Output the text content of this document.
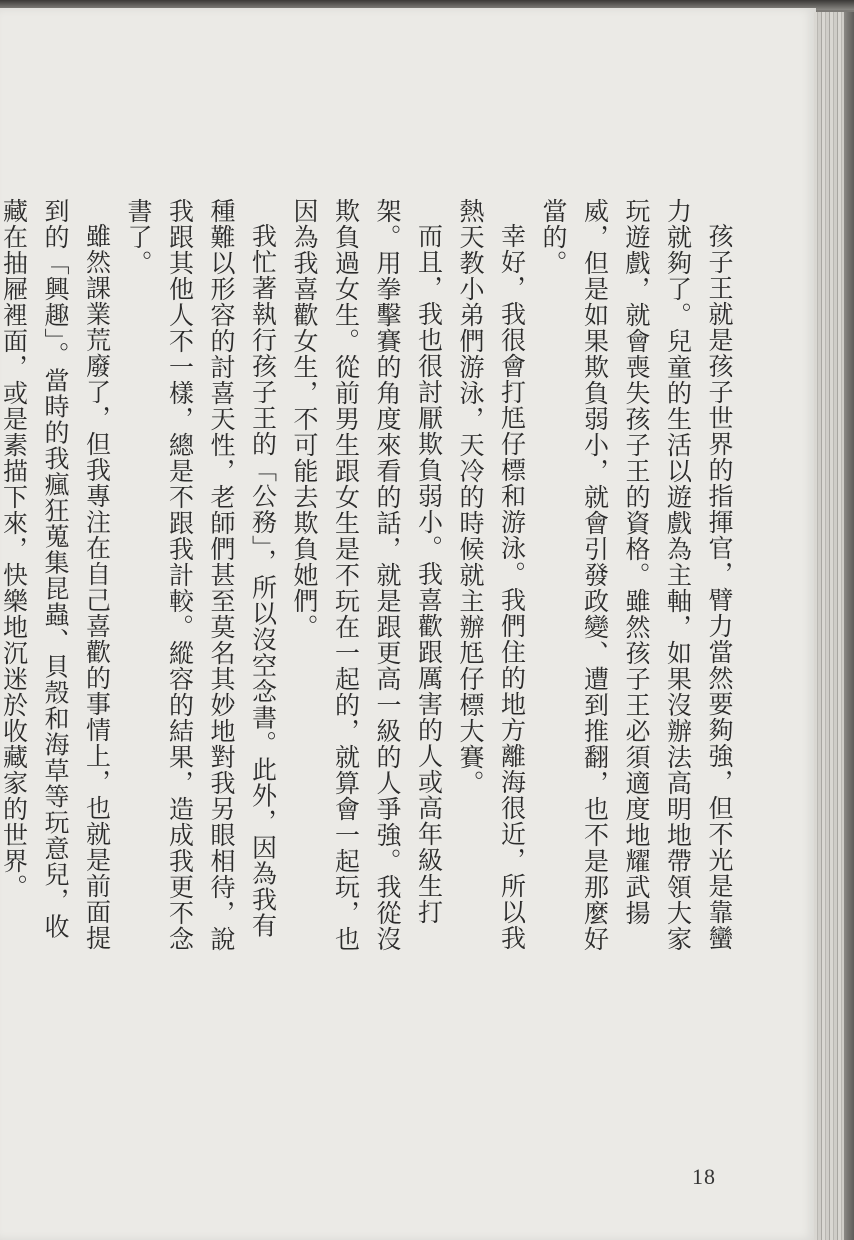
孩子王就是孩子世界的指揮官，臂力當然要夠強，但不光是靠蠻力就夠了。兒童的生活以遊戲為主軸，如果沒辦法高明地帶領大家玩遊戲，就會喪失孩子王的資格。雖然孩子王必須適度地耀武揚威，但是如果欺負弱小，就會引發政變、遭到推翻，也不是那麼好當的。

幸好，我很會打尪仔標和游泳。我們住的地方離海很近，所以我熱天教小弟們游泳，天冷的時候就主辦尪仔標大賽。

而且，我也很討厭欺負弱小。我喜歡跟厲害的人或高年級生打架。用拳擊賽的角度來看的話，就是跟更高一級的人爭強。我從沒欺負過女生。從前男生跟女生是不玩在一起的，就算會一起玩，也因為我喜歡女生，不可能去欺負她們。

我忙著執行孩子王的「公務」，所以沒空念書。此外，因為我有種難以形容的討喜天性，老師們甚至莫名其妙地對我另眼相待，說我跟其他人不一樣，總是不跟我計較。縱容的結果，造成我更不念書了。

雖然課業荒廢了，但我專注在自己喜歡的事情上，也就是前面提到的「興趣」。當時的我瘋狂蒐集昆蟲、貝殼和海草等玩意兒，收藏在抽屜裡面，或是素描下來，快樂地沉迷於收藏家的世界。

18
